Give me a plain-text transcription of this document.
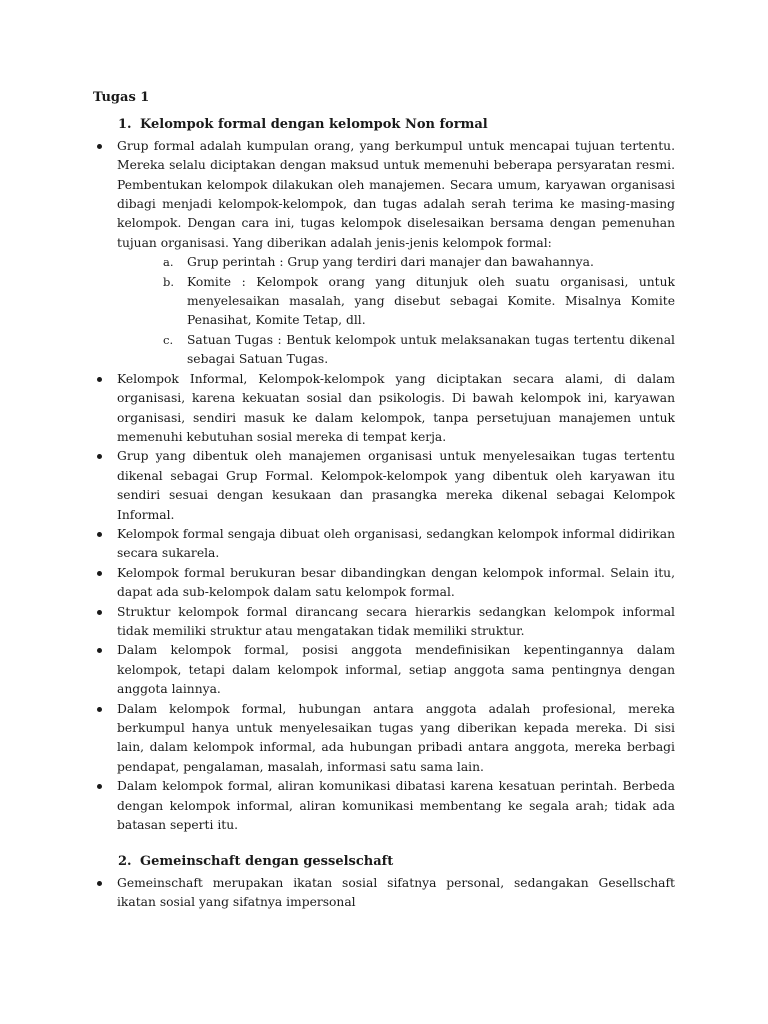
Tugas 1
1. Kelompok formal dengan kelompok Non formal
Grup formal adalah kumpulan orang, yang berkumpul untuk mencapai tujuan tertentu. Mereka selalu diciptakan dengan maksud untuk memenuhi beberapa persyaratan resmi. Pembentukan kelompok dilakukan oleh manajemen. Secara umum, karyawan organisasi dibagi menjadi kelompok-kelompok, dan tugas adalah serah terima ke masing-masing kelompok. Dengan cara ini, tugas kelompok diselesaikan bersama dengan pemenuhan tujuan organisasi. Yang diberikan adalah jenis-jenis kelompok formal:
a. Grup perintah : Grup yang terdiri dari manajer dan bawahannya.
b. Komite : Kelompok orang yang ditunjuk oleh suatu organisasi, untuk menyelesaikan masalah, yang disebut sebagai Komite. Misalnya Komite Penasihat, Komite Tetap, dll.
c. Satuan Tugas : Bentuk kelompok untuk melaksanakan tugas tertentu dikenal sebagai Satuan Tugas.
Kelompok Informal, Kelompok-kelompok yang diciptakan secara alami, di dalam organisasi, karena kekuatan sosial dan psikologis. Di bawah kelompok ini, karyawan organisasi, sendiri masuk ke dalam kelompok, tanpa persetujuan manajemen untuk memenuhi kebutuhan sosial mereka di tempat kerja.
Grup yang dibentuk oleh manajemen organisasi untuk menyelesaikan tugas tertentu dikenal sebagai Grup Formal. Kelompok-kelompok yang dibentuk oleh karyawan itu sendiri sesuai dengan kesukaan dan prasangka mereka dikenal sebagai Kelompok Informal.
Kelompok formal sengaja dibuat oleh organisasi, sedangkan kelompok informal didirikan secara sukarela.
Kelompok formal berukuran besar dibandingkan dengan kelompok informal. Selain itu, dapat ada sub-kelompok dalam satu kelompok formal.
Struktur kelompok formal dirancang secara hierarkis sedangkan kelompok informal tidak memiliki struktur atau mengatakan tidak memiliki struktur.
Dalam kelompok formal, posisi anggota mendefinisikan kepentingannya dalam kelompok, tetapi dalam kelompok informal, setiap anggota sama pentingnya dengan anggota lainnya.
Dalam kelompok formal, hubungan antara anggota adalah profesional, mereka berkumpul hanya untuk menyelesaikan tugas yang diberikan kepada mereka. Di sisi lain, dalam kelompok informal, ada hubungan pribadi antara anggota, mereka berbagi pendapat, pengalaman, masalah, informasi satu sama lain.
Dalam kelompok formal, aliran komunikasi dibatasi karena kesatuan perintah. Berbeda dengan kelompok informal, aliran komunikasi membentang ke segala arah; tidak ada batasan seperti itu.
2. Gemeinschaft dengan gesselschaft
Gemeinschaft merupakan ikatan sosial sifatnya personal, sedangakan Gesellschaft ikatan sosial yang sifatnya impersonal
